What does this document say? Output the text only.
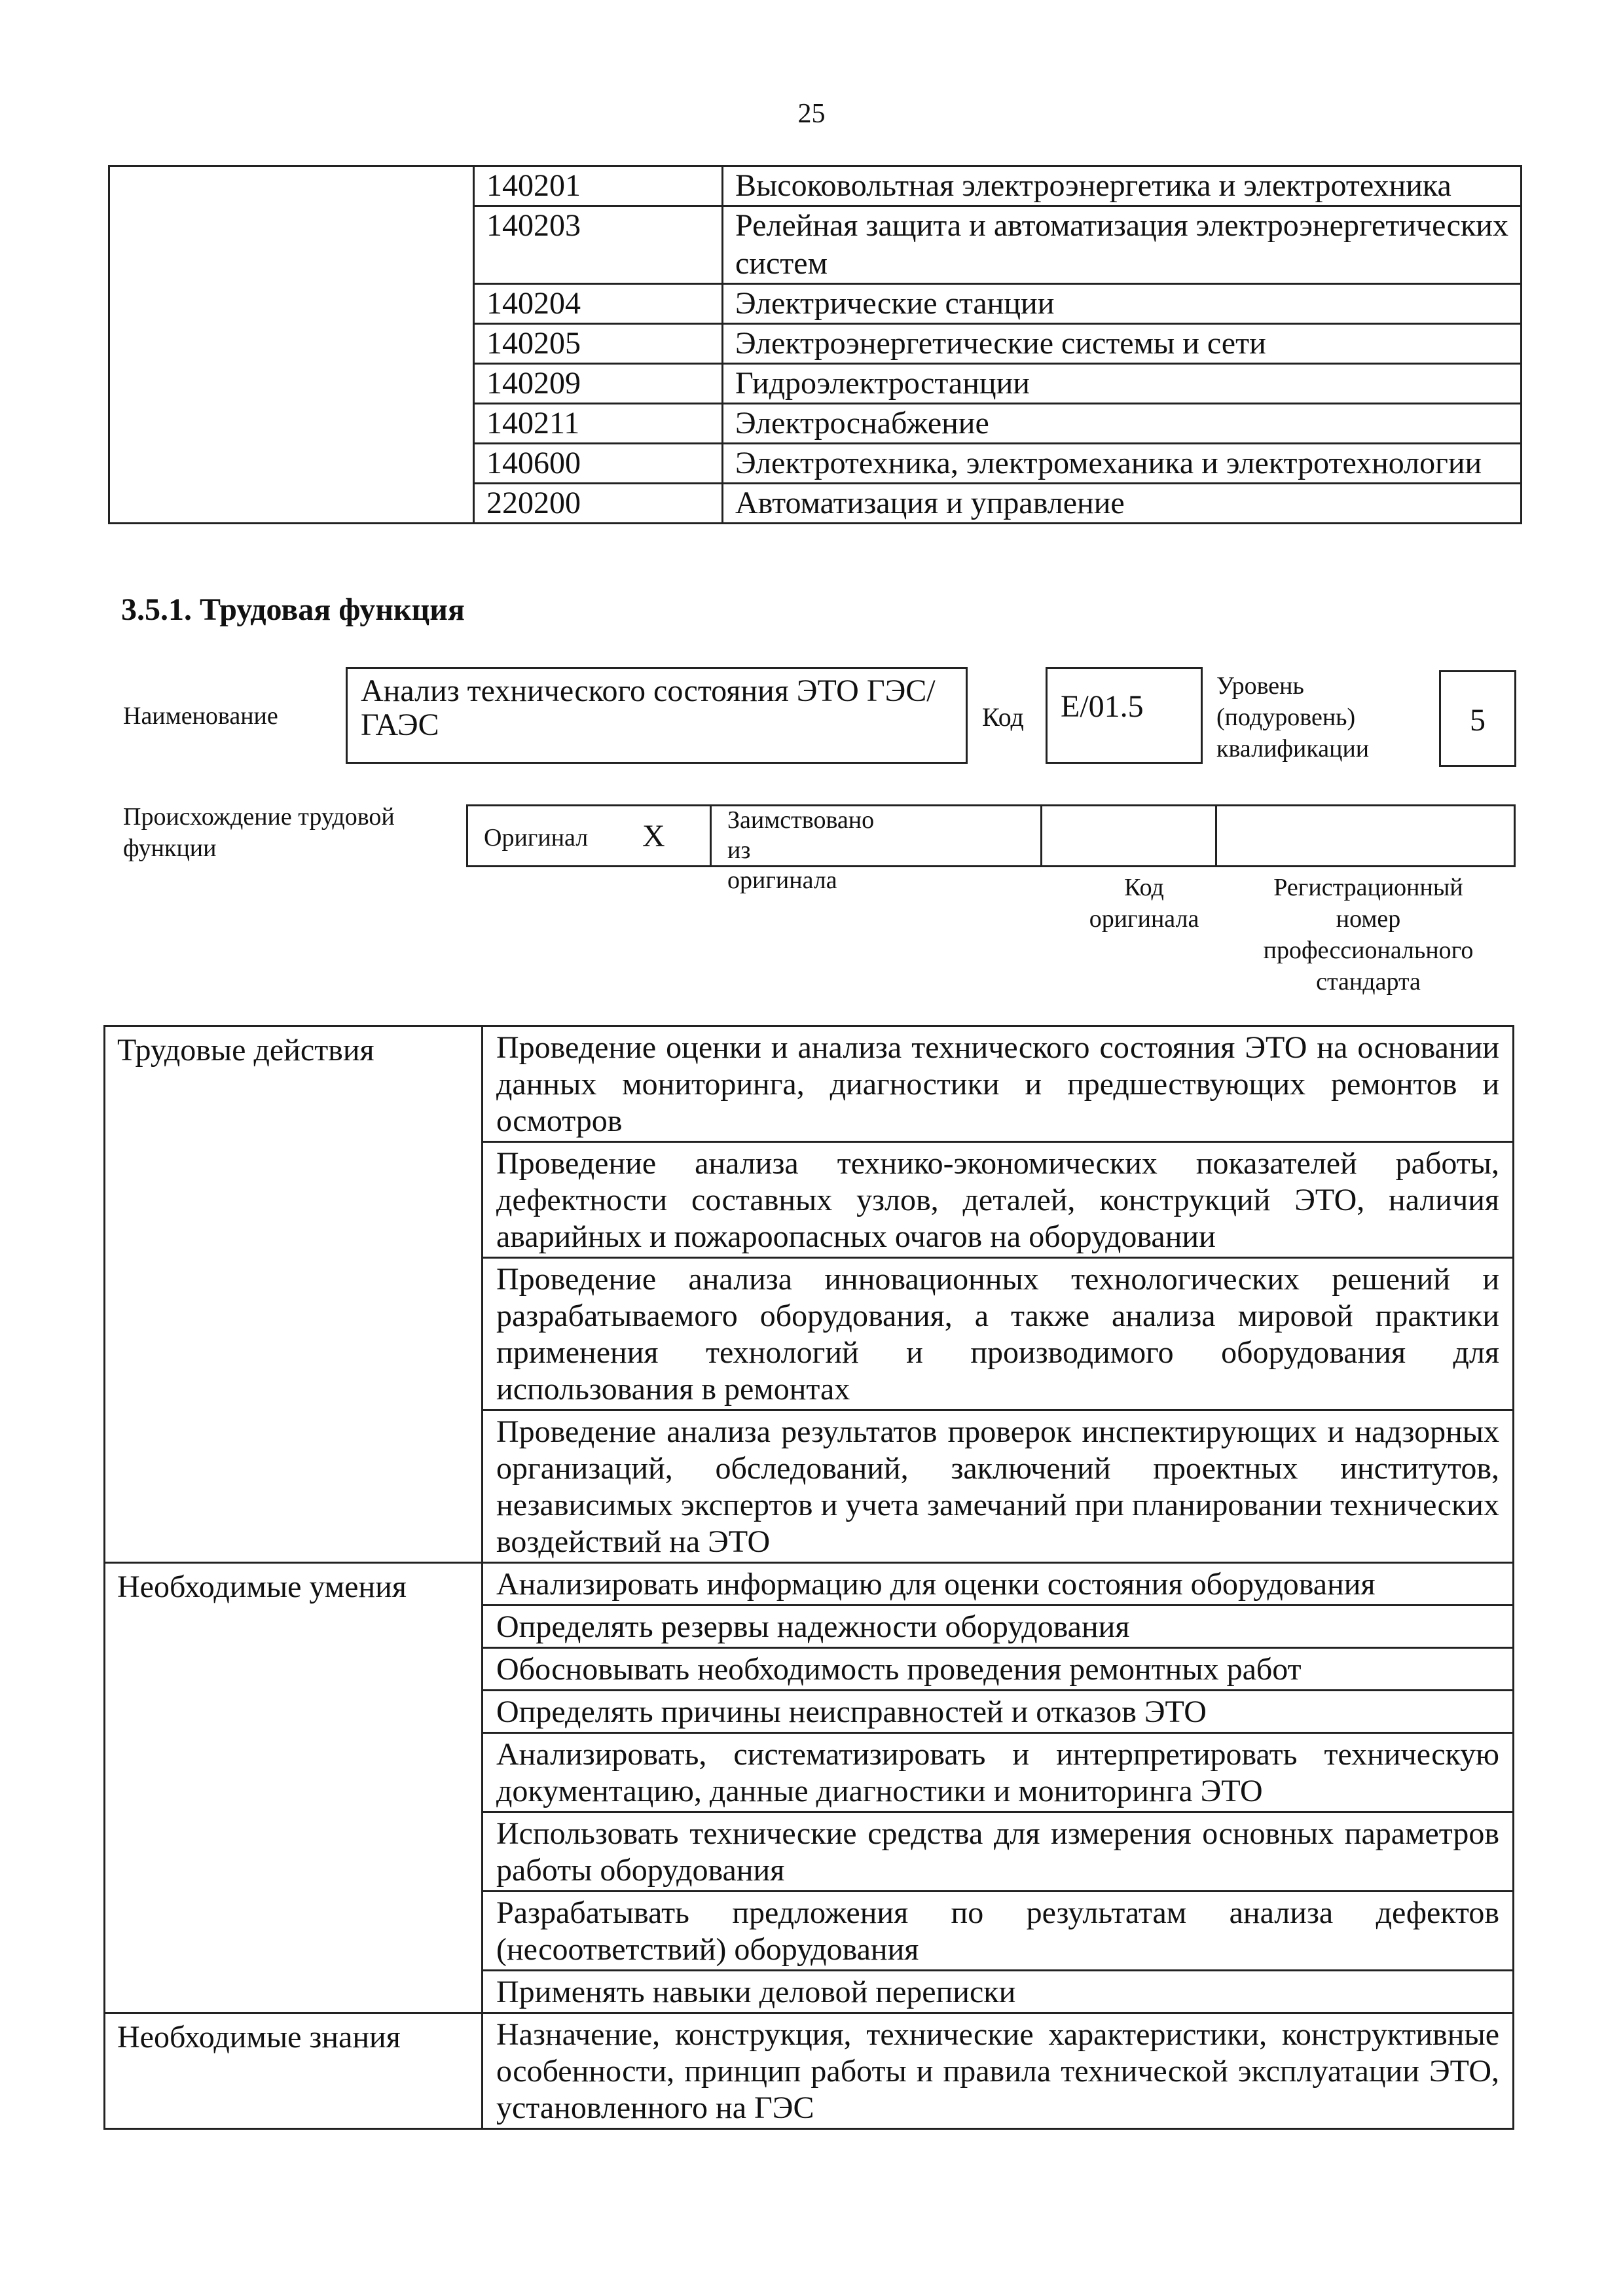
25
	140201	Высоковольтная электроэнергетика и электротехника
	140203	Релейная защита и автоматизация электроэнергетических систем
	140204	Электрические станции
	140205	Электроэнергетические системы и сети
	140209	Гидроэлектростанции
	140211	Электроснабжение
	140600	Электротехника, электромеханика и электротехнологии
	220200	Автоматизация и управление
3.5.1. Трудовая функция
Наименование
Анализ технического состояния ЭТО ГЭС/ГАЭС	Код	E/01.5
Уровень
(подуровень)
квалификации
5
Происхождение трудовой
функции	Оригинал X	Заимствовано из
оригинала	Код
оригинала
Регистрационный
номер
профессионального
стандарта
Трудовые действия	Проведение оценки и анализа технического состояния ЭТО на основании данных мониторинга, диагностики и предшествующих ремонтов и осмотров
	Проведение анализа технико-экономических показателей работы, дефектности составных узлов, деталей, конструкций ЭТО, наличия аварийных и пожароопасных очагов на оборудовании
	Проведение анализа инновационных технологических решений и разрабатываемого оборудования, а также анализа мировой практики применения технологий и производимого оборудования для использования в ремонтах
	Проведение анализа результатов проверок инспектирующих и надзорных организаций, обследований, заключений проектных институтов, независимых экспертов и учета замечаний при планировании технических воздействий на ЭТО
Необходимые умения	Анализировать информацию для оценки состояния оборудования
	Определять резервы надежности оборудования
	Обосновывать необходимость проведения ремонтных работ
	Определять причины неисправностей и отказов ЭТО
	Анализировать, систематизировать и интерпретировать техническую документацию, данные диагностики и мониторинга ЭТО
	Использовать технические средства для измерения основных параметров работы оборудования
	Разрабатывать предложения по результатам анализа дефектов (несоответствий) оборудования
	Применять навыки деловой переписки
Необходимые знания	Назначение, конструкция, технические характеристики, конструктивные особенности, принцип работы и правила технической эксплуатации ЭТО, установленного на ГЭС
